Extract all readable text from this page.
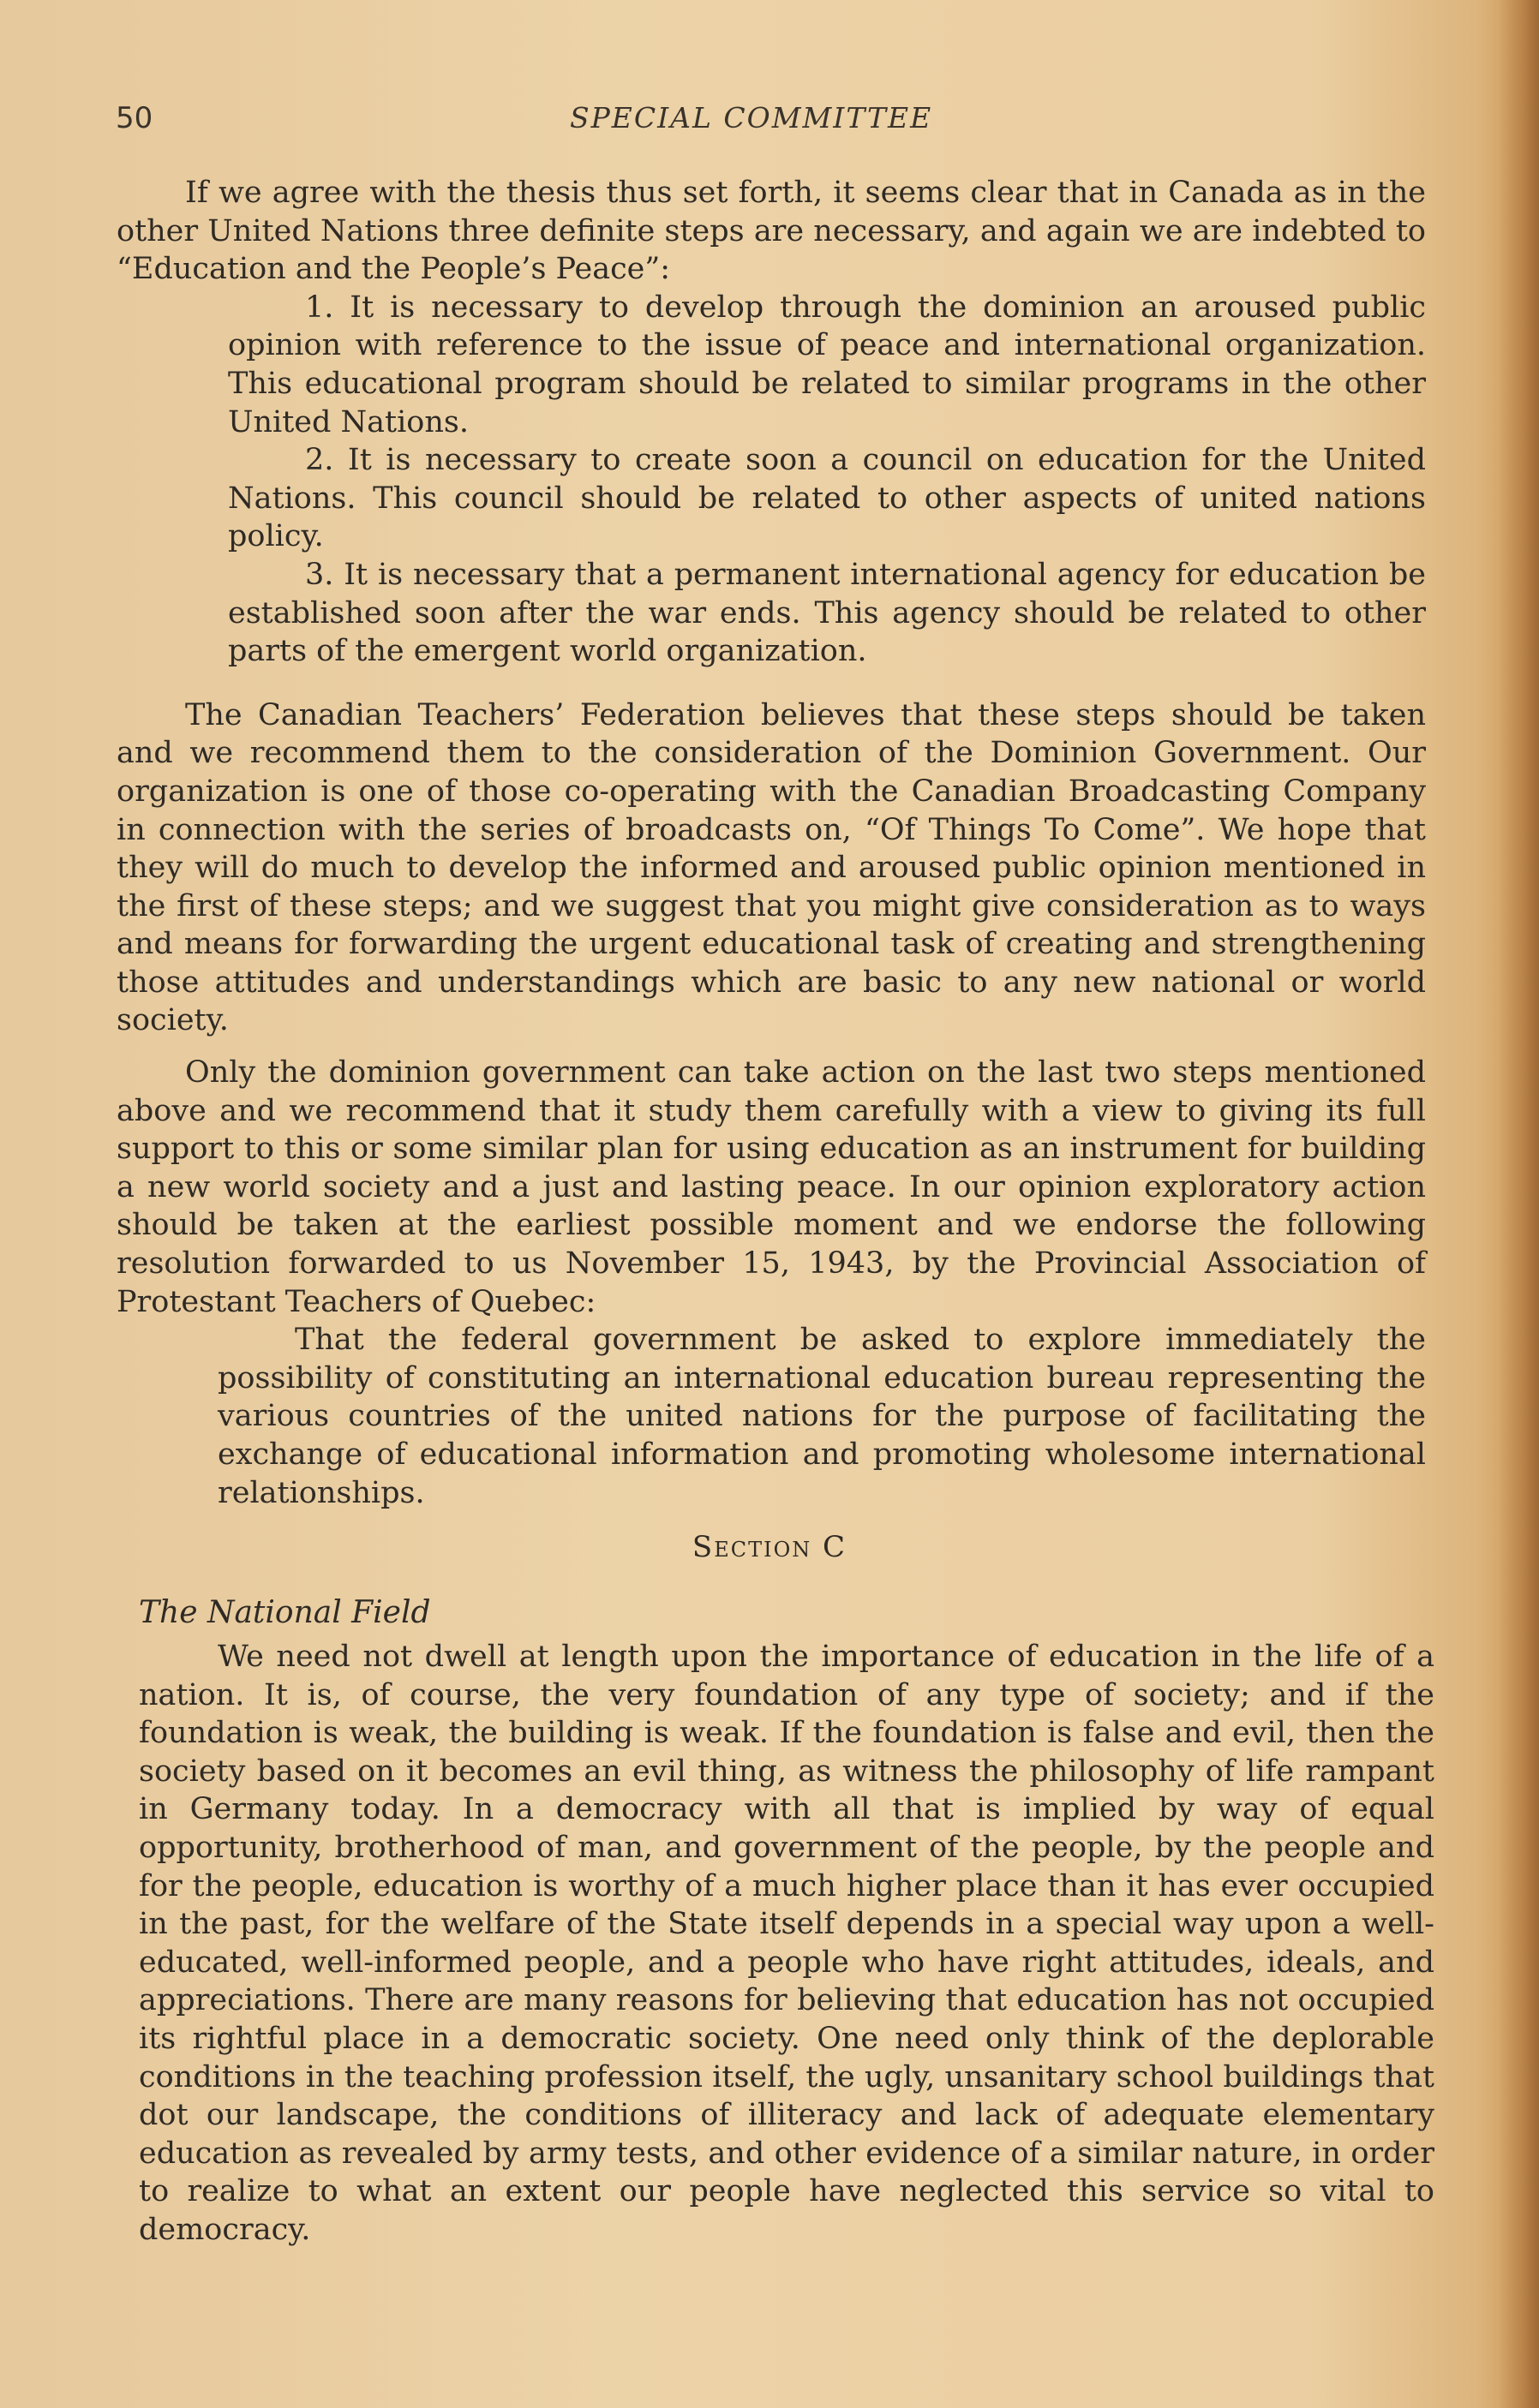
50	SPECIAL COMMITTEE

If we agree with the thesis thus set forth, it seems clear that in Canada as in the other United Nations three definite steps are necessary, and again we are indebted to “Education and the People’s Peace”:

1. It is necessary to develop through the dominion an aroused public opinion with reference to the issue of peace and international organization. This educational program should be related to similar programs in the other United Nations.

2. It is necessary to create soon a council on education for the United Nations. This council should be related to other aspects of united nations policy.

3. It is necessary that a permanent international agency for education be established soon after the war ends. This agency should be related to other parts of the emergent world organization.

The Canadian Teachers’ Federation believes that these steps should be taken and we recommend them to the consideration of the Dominion Government. Our organization is one of those co-operating with the Canadian Broadcasting Company in connection with the series of broadcasts on, “Of Things To Come”. We hope that they will do much to develop the informed and aroused public opinion mentioned in the first of these steps; and we suggest that you might give consideration as to ways and means for forwarding the urgent educational task of creating and strengthening those attitudes and understandings which are basic to any new national or world society.

Only the dominion government can take action on the last two steps mentioned above and we recommend that it study them carefully with a view to giving its full support to this or some similar plan for using education as an instrument for building a new world society and a just and lasting peace. In our opinion exploratory action should be taken at the earliest possible moment and we endorse the following resolution forwarded to us November 15, 1943, by the Provincial Association of Protestant Teachers of Quebec:

That the federal government be asked to explore immediately the possibility of constituting an international education bureau representing the various countries of the united nations for the purpose of facilitating the exchange of educational information and promoting wholesome international relationships.

Section C
The National Field

We need not dwell at length upon the importance of education in the life of a nation. It is, of course, the very foundation of any type of society; and if the foundation is weak, the building is weak. If the foundation is false and evil, then the society based on it becomes an evil thing, as witness the philosophy of life rampant in Germany today. In a democracy with all that is implied by way of equal opportunity, brotherhood of man, and government of the people, by the people and for the people, education is worthy of a much higher place than it has ever occupied in the past, for the welfare of the State itself depends in a special way upon a well-educated, well-informed people, and a people who have right attitudes, ideals, and appreciations. There are many reasons for believing that education has not occupied its rightful place in a democratic society. One need only think of the deplorable conditions in the teaching profession itself, the ugly, unsanitary school buildings that dot our landscape, the conditions of illiteracy and lack of adequate elementary education as revealed by army tests, and other evidence of a similar nature, in order to realize to what an extent our people have neglected this service so vital to democracy.
